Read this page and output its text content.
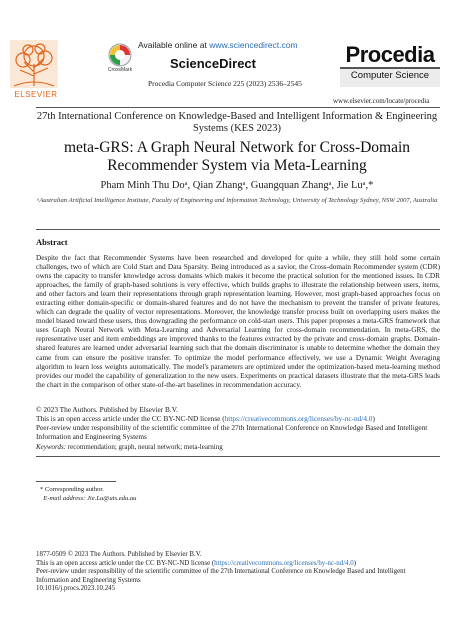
ELSEVIER
CrossMark
Available online at www.sciencedirect.com
ScienceDirect
Procedia Computer Science 225 (2023) 2536–2545
Procedia
Computer Science
www.elsevier.com/locate/procedia
27th International Conference on Knowledge-Based and Intelligent Information & Engineering Systems (KES 2023)
meta-GRS: A Graph Neural Network for Cross-Domain Recommender System via Meta-Learning
Pham Minh Thu Doᵃ, Qian Zhangᵃ, Guangquan Zhangᵃ, Jie Luᵃ,*
ᵃAustralian Artificial Intelligence Institute, Faculty of Engineering and Information Technology, University of Technology Sydney, NSW 2007, Australia
Abstract
Despite the fact that Recommender Systems have been researched and developed for quite a while, they still hold some certain challenges, two of which are Cold Start and Data Sparsity. Being introduced as a savior, the Cross-domain Recommender system (CDR) owns the capacity to transfer knowledge across domains which makes it become the practical solution for the mentioned issues. In CDR approaches, the family of graph-based solutions is very effective, which builds graphs to illustrate the relationship between users, items, and other factors and learn their representations through graph representation learning. However, most graph-based approaches focus on extracting either domain-specific or domain-shared features and do not have the mechanism to prevent the transfer of private features, which can degrade the quality of vector representations. Moreover, the knowledge transfer process built on overlapping users makes the model biased toward these users, thus downgrading the performance on cold-start users. This paper proposes a meta-GRS framework that uses Graph Neural Network with Meta-Learning and Adversarial Learning for cross-domain recommendation. In meta-GRS, the representative user and item embeddings are improved thanks to the features extracted by the private and cross-domain graphs. Domain-shared features are learned under adversarial learning such that the domain discriminator is unable to determine whether the domain they came from can ensure the positive transfer. To optimize the model performance effectively, we use a Dynamic Weight Averaging algorithm to learn loss weights automatically. The model's parameters are optimized under the optimization-based meta-learning method provides our model the capability of generalization to the new users. Experiments on practical datasets illustrate that the meta-GRS leads the chart in the comparison of other state-of-the-art baselines in recommendation accuracy.
© 2023 The Authors. Published by Elsevier B.V.
This is an open access article under the CC BY-NC-ND license (https://creativecommons.org/licenses/by-nc-nd/4.0)
Peer-review under responsibility of the scientific committee of the 27th International Conference on Knowledge Based and Intelligent Information and Engineering Systems
Keywords: recommendation; graph, neural network; meta-learning
* Corresponding author.
E-mail address: Jie.Lu@uts.edu.au
1877-0509 © 2023 The Authors. Published by Elsevier B.V.
This is an open access article under the CC BY-NC-ND license (https://creativecommons.org/licenses/by-nc-nd/4.0)
Peer-review under responsibility of the scientific committee of the 27th International Conference on Knowledge Based and Intelligent Information and Engineering Systems
10.1016/j.procs.2023.10.245
